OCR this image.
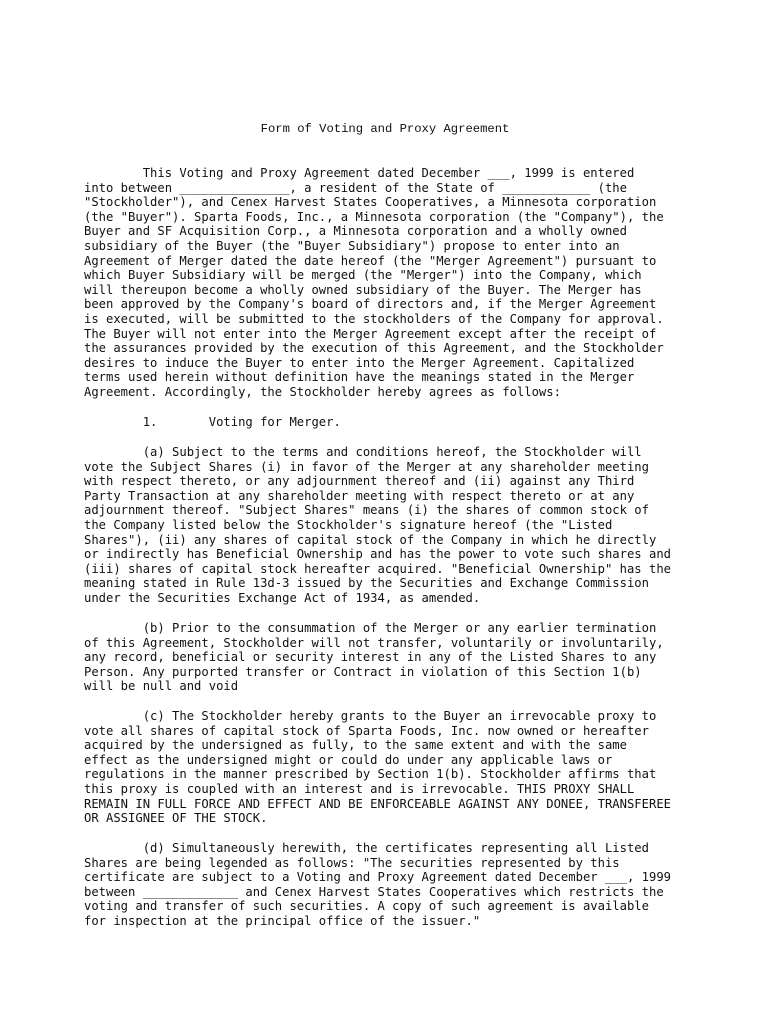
Form of Voting and Proxy Agreement
This Voting and Proxy Agreement dated December ___, 1999 is entered
into between _______________, a resident of the State of ____________ (the
"Stockholder"), and Cenex Harvest States Cooperatives, a Minnesota corporation
(the "Buyer"). Sparta Foods, Inc., a Minnesota corporation (the "Company"), the
Buyer and SF Acquisition Corp., a Minnesota corporation and a wholly owned
subsidiary of the Buyer (the "Buyer Subsidiary") propose to enter into an
Agreement of Merger dated the date hereof (the "Merger Agreement") pursuant to
which Buyer Subsidiary will be merged (the "Merger") into the Company, which
will thereupon become a wholly owned subsidiary of the Buyer. The Merger has
been approved by the Company's board of directors and, if the Merger Agreement
is executed, will be submitted to the stockholders of the Company for approval.
The Buyer will not enter into the Merger Agreement except after the receipt of
the assurances provided by the execution of this Agreement, and the Stockholder
desires to induce the Buyer to enter into the Merger Agreement. Capitalized
terms used herein without definition have the meanings stated in the Merger
Agreement. Accordingly, the Stockholder hereby agrees as follows:
1.       Voting for Merger.
(a) Subject to the terms and conditions hereof, the Stockholder will
vote the Subject Shares (i) in favor of the Merger at any shareholder meeting
with respect thereto, or any adjournment thereof and (ii) against any Third
Party Transaction at any shareholder meeting with respect thereto or at any
adjournment thereof. "Subject Shares" means (i) the shares of common stock of
the Company listed below the Stockholder's signature hereof (the "Listed
Shares"), (ii) any shares of capital stock of the Company in which he directly
or indirectly has Beneficial Ownership and has the power to vote such shares and
(iii) shares of capital stock hereafter acquired. "Beneficial Ownership" has the
meaning stated in Rule 13d-3 issued by the Securities and Exchange Commission
under the Securities Exchange Act of 1934, as amended.
(b) Prior to the consummation of the Merger or any earlier termination
of this Agreement, Stockholder will not transfer, voluntarily or involuntarily,
any record, beneficial or security interest in any of the Listed Shares to any
Person. Any purported transfer or Contract in violation of this Section 1(b)
will be null and void
(c) The Stockholder hereby grants to the Buyer an irrevocable proxy to
vote all shares of capital stock of Sparta Foods, Inc. now owned or hereafter
acquired by the undersigned as fully, to the same extent and with the same
effect as the undersigned might or could do under any applicable laws or
regulations in the manner prescribed by Section 1(b). Stockholder affirms that
this proxy is coupled with an interest and is irrevocable. THIS PROXY SHALL
REMAIN IN FULL FORCE AND EFFECT AND BE ENFORCEABLE AGAINST ANY DONEE, TRANSFEREE
OR ASSIGNEE OF THE STOCK.
(d) Simultaneously herewith, the certificates representing all Listed
Shares are being legended as follows: "The securities represented by this
certificate are subject to a Voting and Proxy Agreement dated December ___, 1999
between _____________ and Cenex Harvest States Cooperatives which restricts the
voting and transfer of such securities. A copy of such agreement is available
for inspection at the principal office of the issuer."
